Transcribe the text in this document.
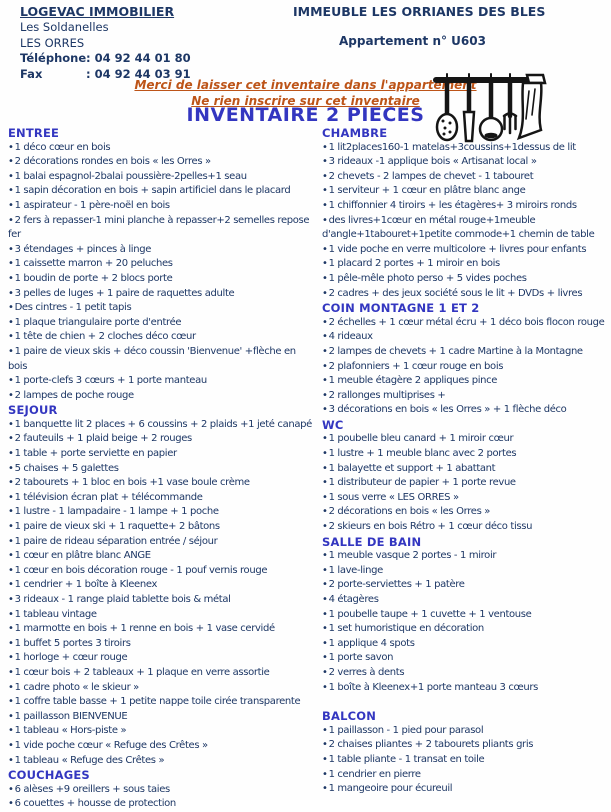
LOGEVAC IMMOBILIER
Les Soldanelles
LES ORRES
Téléphone: 04 92 44 01 80
Fax	: 04 92 44 03 91
IMMEUBLE LES ORRIANES DES BLES
Appartement n° U603
Merci de laisser cet inventaire dans l'appartement
Ne rien inscrire sur cet inventaire
INVENTAIRE 2 PIECES
ENTREE
•1 déco cœur en bois
•2 décorations rondes en bois « les Orres »
•1 balai espagnol-2balai poussière-2pelles+1 seau
•1 sapin décoration en bois + sapin artificiel dans le placard
•1 aspirateur - 1 père-noël en bois
•2 fers à repasser-1 mini planche à repasser+2 semelles repose fer
•3 étendages + pinces à linge
•1 caissette marron + 20 peluches
•1 boudin de porte + 2 blocs porte
•3 pelles de luges + 1 paire de raquettes adulte
•Des cintres - 1 petit tapis
•1 plaque triangulaire porte d'entrée
•1 tête de chien + 2 cloches déco cœur
•1 paire de vieux skis + déco coussin 'Bienvenue' +flèche en bois
•1 porte-clefs 3 cœurs + 1 porte manteau
•2 lampes de poche rouge
SEJOUR
•1 banquette lit 2 places + 6 coussins + 2 plaids +1 jeté canapé
•2 fauteuils + 1 plaid beige + 2 rouges
•1 table + porte serviette en papier
•5 chaises + 5 galettes
•2 tabourets + 1 bloc en bois +1 vase boule crème
•1 télévision écran plat + télécommande
•1 lustre - 1 lampadaire - 1 lampe + 1 poche
•1 paire de vieux ski + 1 raquette+ 2 bâtons
•1 paire de rideau séparation entrée / séjour
•1 cœur en plâtre blanc ANGE
•1 cœur en bois décoration rouge - 1 pouf vernis rouge
•1 cendrier + 1 boîte à Kleenex
•3 rideaux - 1 range plaid tablette bois & métal
•1 tableau vintage
•1 marmotte en bois + 1 renne en bois + 1 vase cervidé
•1 buffet 5 portes 3 tiroirs
•1 horloge + cœur rouge
•1 cœur bois + 2 tableaux + 1 plaque en verre assortie
•1 cadre photo « le skieur »
•1 coffre table basse + 1 petite nappe toile cirée transparente
•1 paillasson BIENVENUE
•1 tableau « Hors-piste »
•1 vide poche cœur « Refuge des Crêtes »
•1 tableau « Refuge des Crêtes »
COUCHAGES
•6 alèses +9 oreillers + sous taies
•6 couettes + housse de protection
CHAMBRE
•1 lit2places160-1 matelas+3coussins+1dessus de lit
•3 rideaux -1 applique bois « Artisanat local »
•2 chevets - 2 lampes de chevet - 1 tabouret
•1 serviteur + 1 cœur en plâtre blanc ange
•1 chiffonnier 4 tiroirs + les étagères+ 3 miroirs ronds
•des livres+1cœur en métal rouge+1meuble d'angle+1tabouret+1petite commode+1 chemin de table
•1 vide poche en verre multicolore + livres pour enfants
•1 placard 2 portes + 1 miroir en bois
•1 pêle-mêle photo perso + 5 vides poches
•2 cadres + des jeux société sous le lit + DVDs + livres
COIN MONTAGNE 1 ET 2
•2 échelles + 1 cœur métal écru + 1 déco bois flocon rouge
•4 rideaux
•2 lampes de chevets + 1 cadre Martine à la Montagne
•2 plafonniers + 1 cœur rouge en bois
•1 meuble étagère 2 appliques pince
•2 rallonges multiprises +
•3 décorations en bois « les Orres » + 1 flèche déco
WC
•1 poubelle bleu canard + 1 miroir cœur
•1 lustre + 1 meuble blanc avec 2 portes
•1 balayette et support + 1 abattant
•1 distributeur de papier + 1 porte revue
•1 sous verre « LES ORRES »
•2 décorations en bois « les Orres »
•2 skieurs en bois Rétro + 1 cœur déco tissu
SALLE DE BAIN
•1 meuble vasque 2 portes - 1 miroir
•1 lave-linge
•2 porte-serviettes + 1 patère
•4 étagères
•1 poubelle taupe + 1 cuvette + 1 ventouse
•1 set humoristique en décoration
•1 applique 4 spots
•1 porte savon
•2 verres à dents
•1 boîte à Kleenex+1 porte manteau 3 cœurs
BALCON
•1 paillasson - 1 pied pour parasol
•2 chaises pliantes + 2 tabourets pliants gris
•1 table pliante - 1 transat en toile
•1 cendrier en pierre
•1 mangeoire pour écureuil
